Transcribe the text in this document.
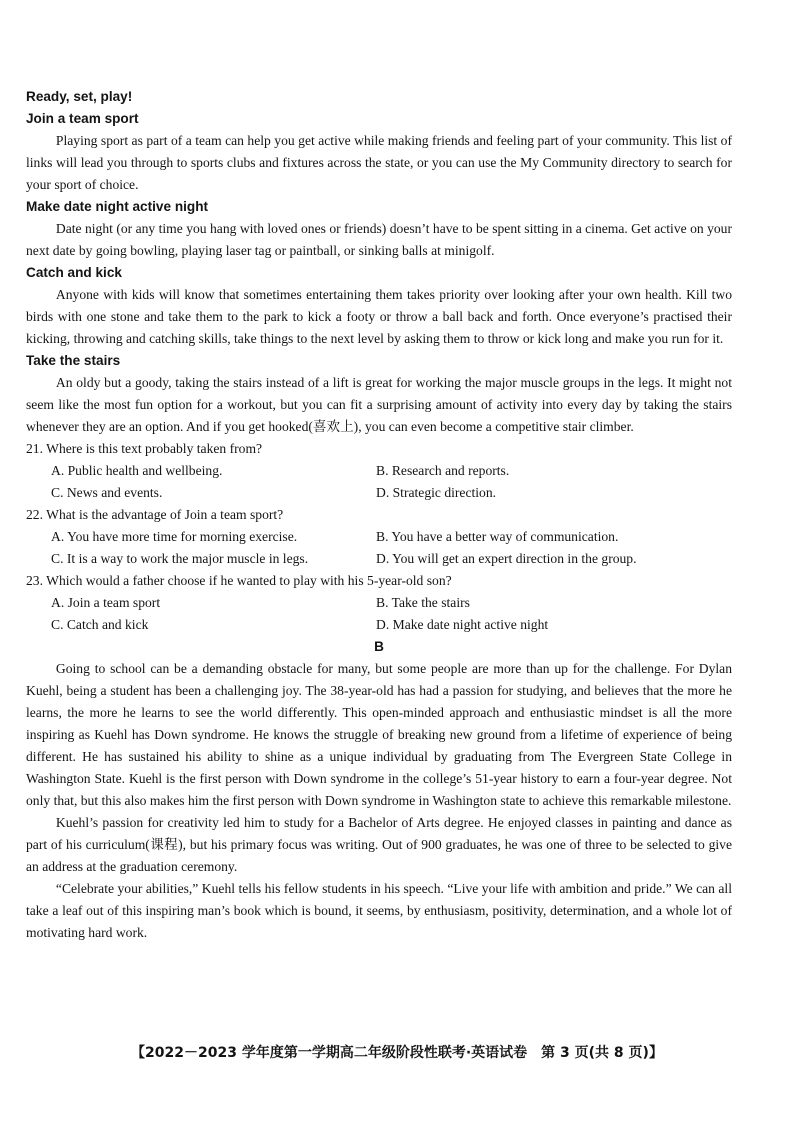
Ready, set, play!
Join a team sport

Playing sport as part of a team can help you get active while making friends and feeling part of your community. This list of links will lead you through to sports clubs and fixtures across the state, or you can use the My Community directory to search for your sport of choice.

Make date night active night

Date night (or any time you hang with loved ones or friends) doesn’t have to be spent sitting in a cinema. Get active on your next date by going bowling, playing laser tag or paintball, or sinking balls at minigolf.

Catch and kick

Anyone with kids will know that sometimes entertaining them takes priority over looking after your own health. Kill two birds with one stone and take them to the park to kick a footy or throw a ball back and forth. Once everyone’s practised their kicking, throwing and catching skills, take things to the next level by asking them to throw or kick long and make you run for it.

Take the stairs

An oldy but a goody, taking the stairs instead of a lift is great for working the major muscle groups in the legs. It might not seem like the most fun option for a workout, but you can fit a surprising amount of activity into every day by taking the stairs whenever they are an option. And if you get hooked(喜欢上), you can even become a competitive stair climber.

21. Where is this text probably taken from?
A. Public health and wellbeing.	B. Research and reports.
C. News and events.	D. Strategic direction.
22. What is the advantage of Join a team sport?
A. You have more time for morning exercise.	B. You have a better way of communication.
C. It is a way to work the major muscle in legs.	D. You will get an expert direction in the group.
23. Which would a father choose if he wanted to play with his 5-year-old son?
A. Join a team sport	B. Take the stairs
C. Catch and kick	D. Make date night active night
B

Going to school can be a demanding obstacle for many, but some people are more than up for the challenge. For Dylan Kuehl, being a student has been a challenging joy. The 38-year-old has had a passion for studying, and believes that the more he learns, the more he learns to see the world differently. This open-minded approach and enthusiastic mindset is all the more inspiring as Kuehl has Down syndrome. He knows the struggle of breaking new ground from a lifetime of experience of being different. He has sustained his ability to shine as a unique individual by graduating from The Evergreen State College in Washington State. Kuehl is the first person with Down syndrome in the college’s 51-year history to earn a four-year degree. Not only that, but this also makes him the first person with Down syndrome in Washington state to achieve this remarkable milestone.

Kuehl’s passion for creativity led him to study for a Bachelor of Arts degree. He enjoyed classes in painting and dance as part of his curriculum(课程), but his primary focus was writing. Out of 900 graduates, he was one of three to be selected to give an address at the graduation ceremony.

“Celebrate your abilities,” Kuehl tells his fellow students in his speech. “Live your life with ambition and pride.” We can all take a leaf out of this inspiring man’s book which is bound, it seems, by enthusiasm, positivity, determination, and a whole lot of motivating hard work.

【2022－2023 学年度第一学期高二年级阶段性联考·英语试卷　第 3 页(共 8 页)】
